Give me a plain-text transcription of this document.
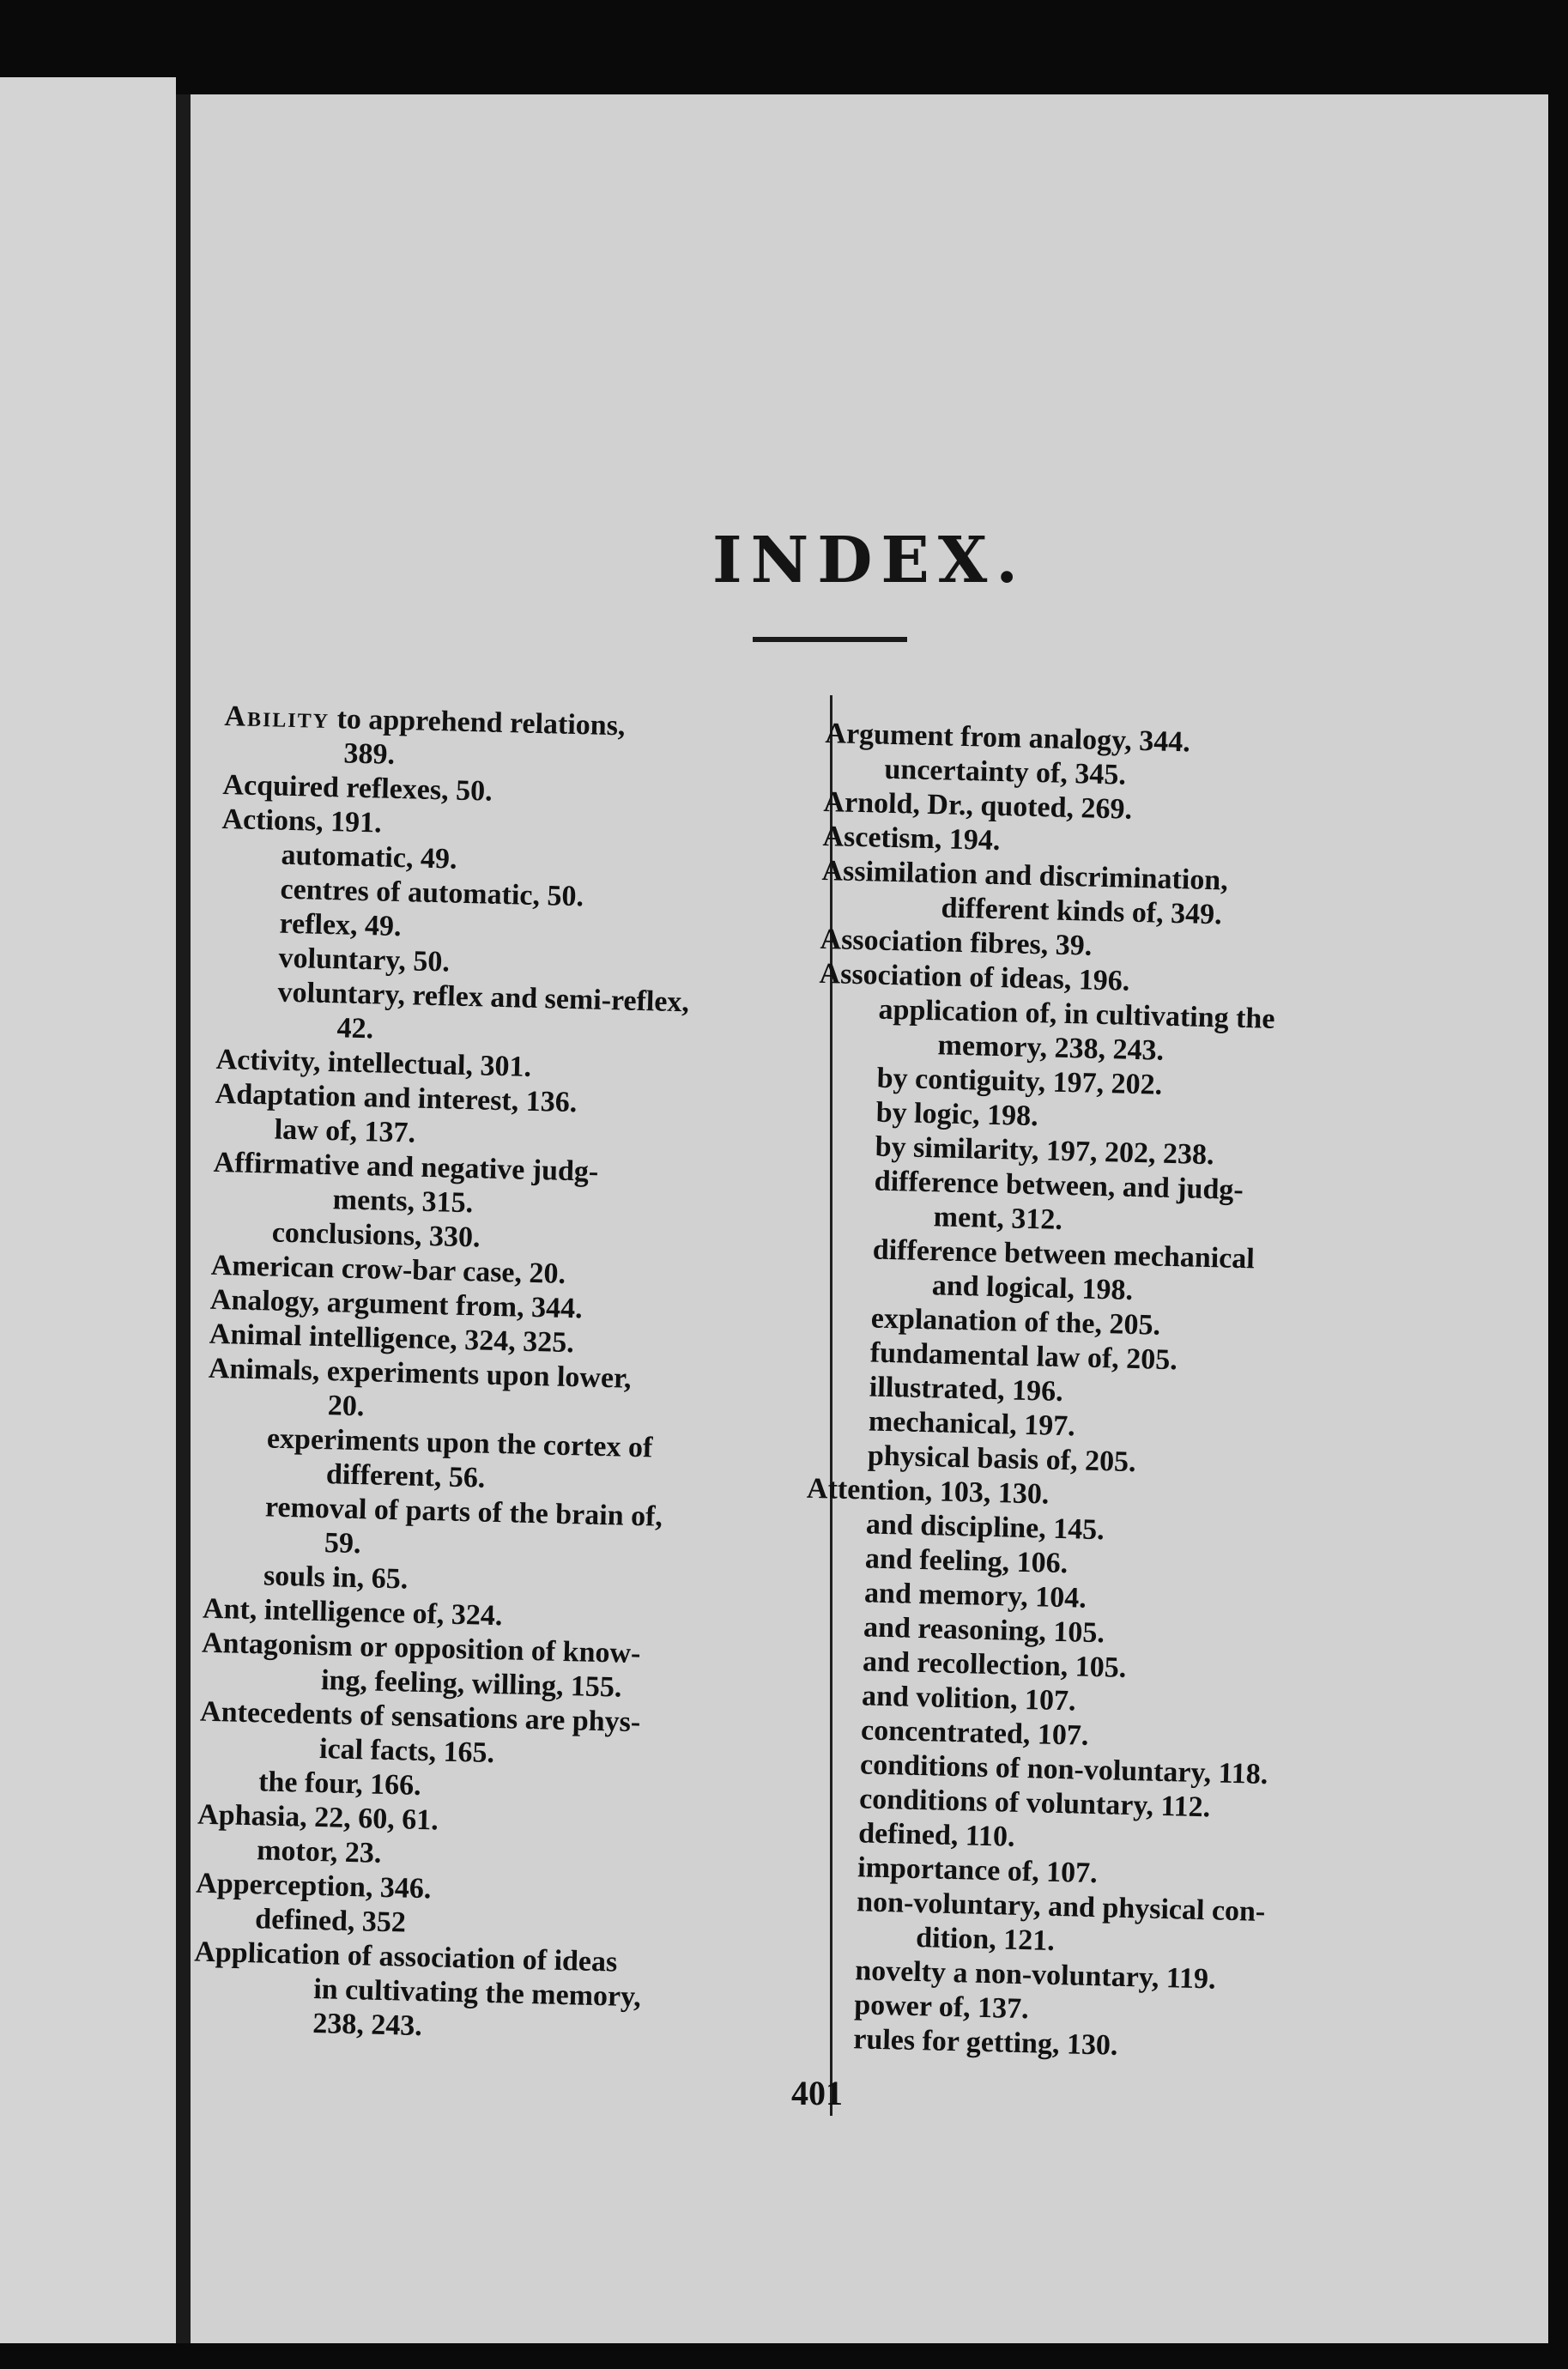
INDEX.
Ability to apprehend relations,
389.
Acquired reflexes, 50.
Actions, 191.
automatic, 49.
centres of automatic, 50.
reflex, 49.
voluntary, 50.
voluntary, reflex and semi-reflex,
42.
Activity, intellectual, 301.
Adaptation and interest, 136.
law of, 137.
Affirmative and negative judg-
ments, 315.
conclusions, 330.
American crow-bar case, 20.
Analogy, argument from, 344.
Animal intelligence, 324, 325.
Animals, experiments upon lower,
20.
experiments upon the cortex of
different, 56.
removal of parts of the brain of,
59.
souls in, 65.
Ant, intelligence of, 324.
Antagonism or opposition of know-
ing, feeling, willing, 155.
Antecedents of sensations are phys-
ical facts, 165.
the four, 166.
Aphasia, 22, 60, 61.
motor, 23.
Apperception, 346.
defined, 352
Application of association of ideas
in cultivating the memory,
238, 243.
Argument from analogy, 344.
uncertainty of, 345.
Arnold, Dr., quoted, 269.
Ascetism, 194.
Assimilation and discrimination,
different kinds of, 349.
Association fibres, 39.
Association of ideas, 196.
application of, in cultivating the
memory, 238, 243.
by contiguity, 197, 202.
by logic, 198.
by similarity, 197, 202, 238.
difference between, and judg-
ment, 312.
difference between mechanical
and logical, 198.
explanation of the, 205.
fundamental law of, 205.
illustrated, 196.
mechanical, 197.
physical basis of, 205.
Attention, 103, 130.
and discipline, 145.
and feeling, 106.
and memory, 104.
and reasoning, 105.
and recollection, 105.
and volition, 107.
concentrated, 107.
conditions of non-voluntary, 118.
conditions of voluntary, 112.
defined, 110.
importance of, 107.
non-voluntary, and physical con-
dition, 121.
novelty a non-voluntary, 119.
power of, 137.
rules for getting, 130.
401
